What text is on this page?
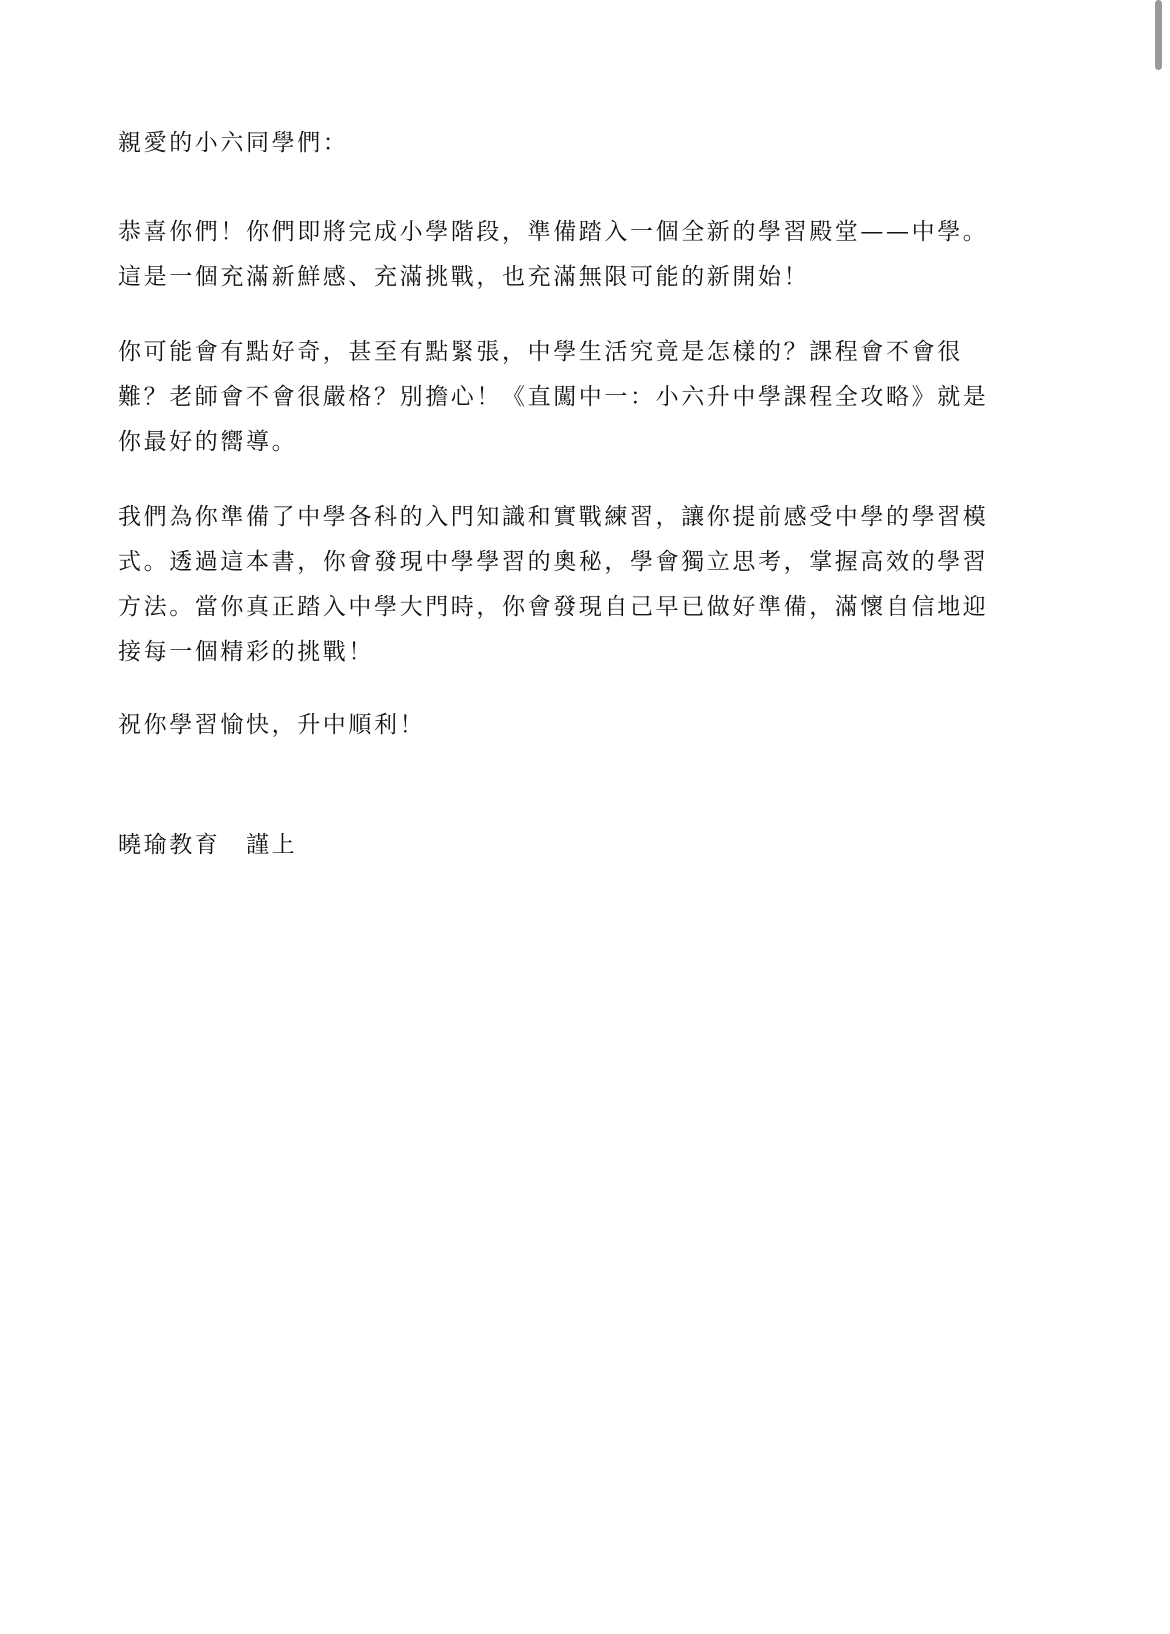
親愛的小六同學們：
恭喜你們！你們即將完成小學階段，準備踏入一個全新的學習殿堂——中學。
這是一個充滿新鮮感、充滿挑戰，也充滿無限可能的新開始！
你可能會有點好奇，甚至有點緊張，中學生活究竟是怎樣的？課程會不會很
難？老師會不會很嚴格？別擔心！《直闖中一：小六升中學課程全攻略》就是
你最好的嚮導。
我們為你準備了中學各科的入門知識和實戰練習，讓你提前感受中學的學習模
式。透過這本書，你會發現中學學習的奧秘，學會獨立思考，掌握高效的學習
方法。當你真正踏入中學大門時，你會發現自己早已做好準備，滿懷自信地迎
接每一個精彩的挑戰！
祝你學習愉快，升中順利！
曉瑜教育　謹上
